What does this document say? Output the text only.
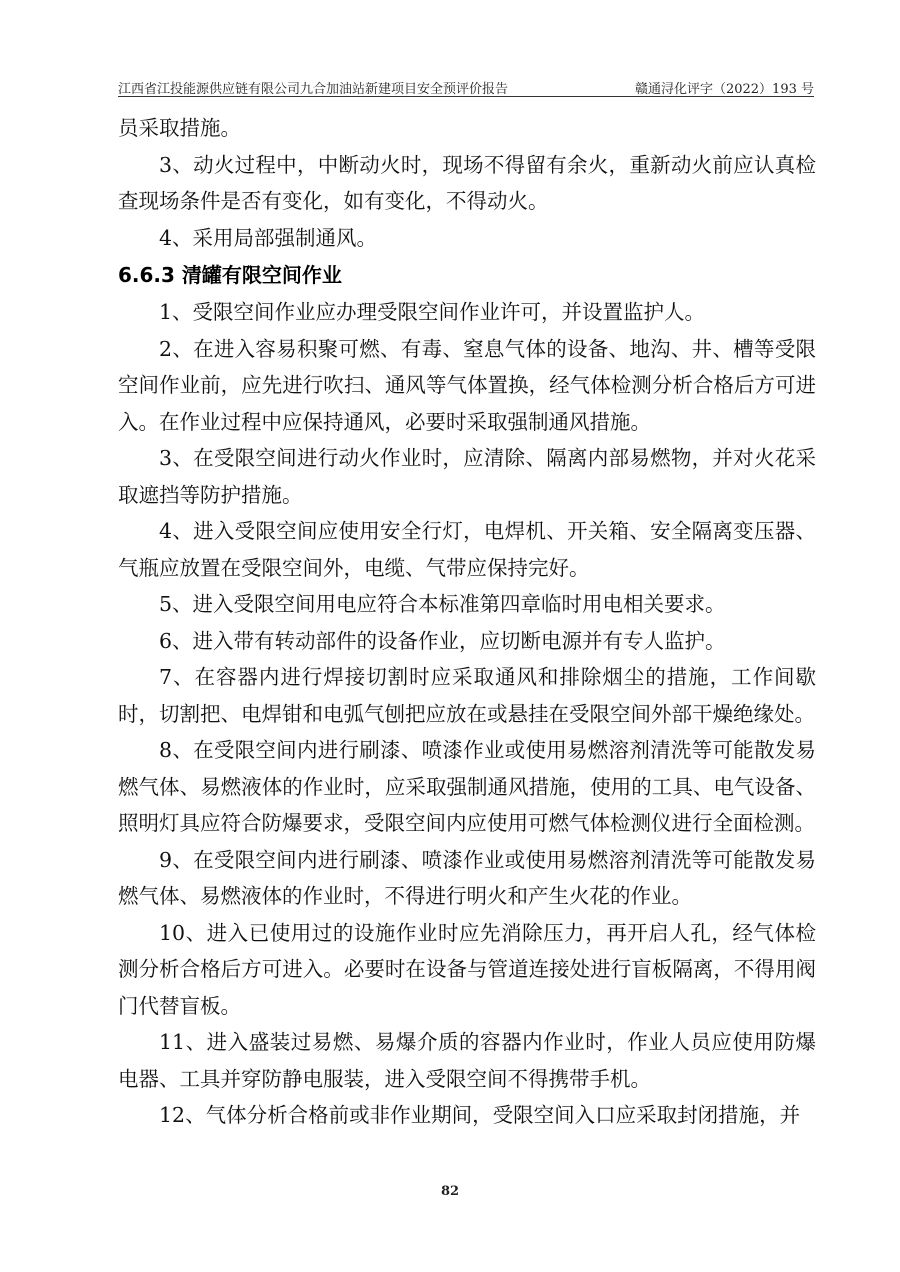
江西省江投能源供应链有限公司九合加油站新建项目安全预评价报告	赣通浔化评字（2022）193 号

员采取措施。

3、动火过程中，中断动火时，现场不得留有余火，重新动火前应认真检查现场条件是否有变化，如有变化，不得动火。

4、采用局部强制通风。

6.6.3 清罐有限空间作业

1、受限空间作业应办理受限空间作业许可，并设置监护人。

2、在进入容易积聚可燃、有毒、窒息气体的设备、地沟、井、槽等受限空间作业前，应先进行吹扫、通风等气体置换，经气体检测分析合格后方可进入。在作业过程中应保持通风，必要时采取强制通风措施。

3、在受限空间进行动火作业时，应清除、隔离内部易燃物，并对火花采取遮挡等防护措施。

4、进入受限空间应使用安全行灯，电焊机、开关箱、安全隔离变压器、气瓶应放置在受限空间外，电缆、气带应保持完好。

5、进入受限空间用电应符合本标准第四章临时用电相关要求。

6、进入带有转动部件的设备作业，应切断电源并有专人监护。

7、在容器内进行焊接切割时应采取通风和排除烟尘的措施，工作间歇时，切割把、电焊钳和电弧气刨把应放在或悬挂在受限空间外部干燥绝缘处。

8、在受限空间内进行刷漆、喷漆作业或使用易燃溶剂清洗等可能散发易燃气体、易燃液体的作业时，应采取强制通风措施，使用的工具、电气设备、照明灯具应符合防爆要求，受限空间内应使用可燃气体检测仪进行全面检测。

9、在受限空间内进行刷漆、喷漆作业或使用易燃溶剂清洗等可能散发易燃气体、易燃液体的作业时，不得进行明火和产生火花的作业。

10、进入已使用过的设施作业时应先消除压力，再开启人孔，经气体检测分析合格后方可进入。必要时在设备与管道连接处进行盲板隔离，不得用阀门代替盲板。

11、进入盛装过易燃、易爆介质的容器内作业时，作业人员应使用防爆电器、工具并穿防静电服装，进入受限空间不得携带手机。

12、气体分析合格前或非作业期间，受限空间入口应采取封闭措施，并

82
